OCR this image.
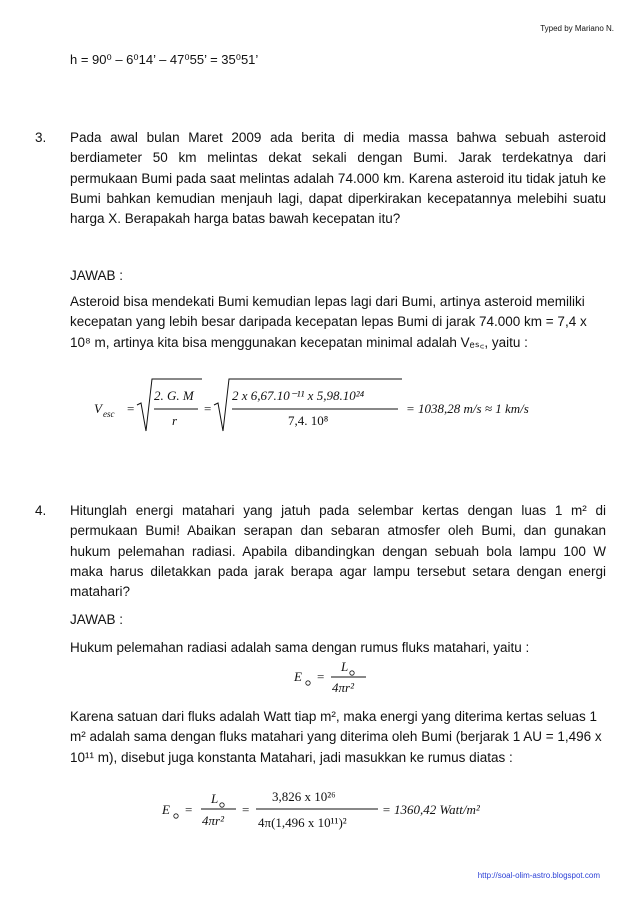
Typed by Mariano N.
h = 90⁰ – 6⁰14’ – 47⁰55’ = 35⁰51’
3. Pada awal bulan Maret 2009 ada berita di media massa bahwa sebuah asteroid berdiameter 50 km melintas dekat sekali dengan Bumi. Jarak terdekatnya dari permukaan Bumi pada saat melintas adalah 74.000 km. Karena asteroid itu tidak jatuh ke Bumi bahkan kemudian menjauh lagi, dapat diperkirakan kecepatannya melebihi suatu harga X. Berapakah harga batas bawah kecepatan itu?
JAWAB :
Asteroid bisa mendekati Bumi kemudian lepas lagi dari Bumi, artinya asteroid memiliki kecepatan yang lebih besar daripada kecepatan lepas Bumi di jarak 74.000 km = 7,4 x 10⁸ m, artinya kita bisa menggunakan kecepatan minimal adalah Vₑₛ꜀, yaitu :
V esc =
2. G. M
r
=
2 x 6,67.10⁻¹¹ x 5,98.10²⁴
7,4. 10⁸
= 1038,28 m/s ≈ 1 km/s
4. Hitunglah energi matahari yang jatuh pada selembar kertas dengan luas 1 m² di permukaan Bumi! Abaikan serapan dan sebaran atmosfer oleh Bumi, dan gunakan hukum pelemahan radiasi. Apabila dibandingkan dengan sebuah bola lampu 100 W maka harus diletakkan pada jarak berapa agar lampu tersebut setara dengan energi matahari?
JAWAB :
Hukum pelemahan radiasi adalah sama dengan rumus fluks matahari, yaitu :
E =
L
4πr²
Karena satuan dari fluks adalah Watt tiap m², maka energi yang diterima kertas seluas 1 m² adalah sama dengan fluks matahari yang diterima oleh Bumi (berjarak 1 AU = 1,496 x 10¹¹ m), disebut juga konstanta Matahari, jadi masukkan ke rumus diatas :
E =
L
4πr²
=
3,826 x 10²⁶
4π(1,496 x 10¹¹)²
= 1360,42 Watt/m²
http://soal-olim-astro.blogspot.com
